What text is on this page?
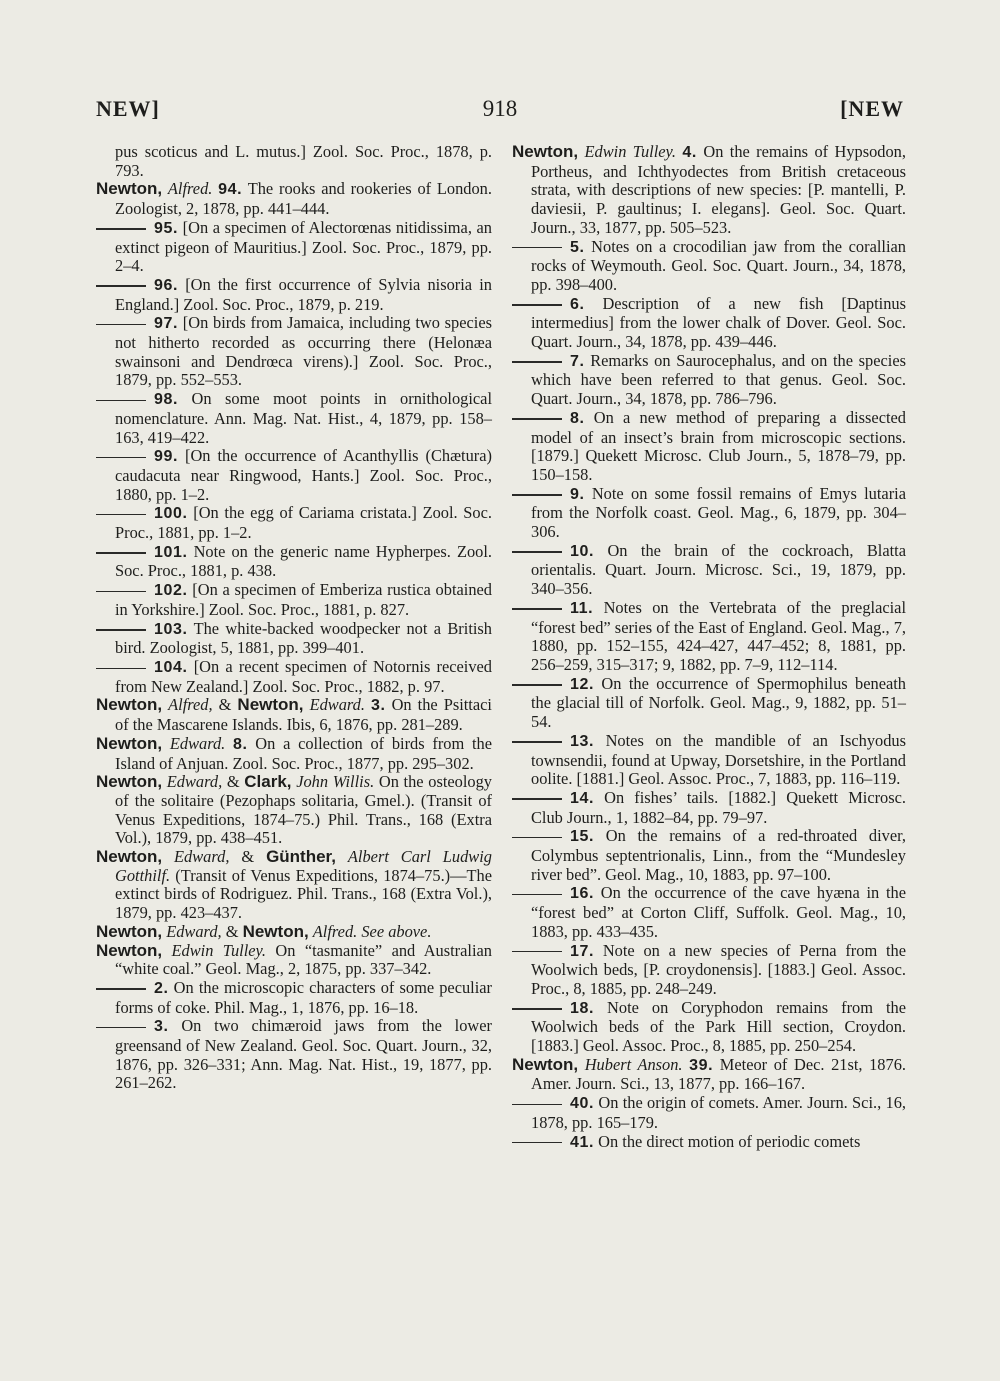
NEW]	918	[NEW

pus scoticus and L. mutus.] Zool. Soc. Proc., 1878, p. 793.

Newton, Alfred. 94. The rooks and rookeries of London. Zoologist, 2, 1878, pp. 441–444.

95. [On a specimen of Alectorœnas nitidissima, an extinct pigeon of Mauritius.] Zool. Soc. Proc., 1879, pp. 2–4.

96. [On the first occurrence of Sylvia nisoria in England.] Zool. Soc. Proc., 1879, p. 219.

97. [On birds from Jamaica, including two species not hitherto recorded as occurring there (Helonæa swainsoni and Dendrœca virens).] Zool. Soc. Proc., 1879, pp. 552–553.

98. On some moot points in ornithological nomenclature. Ann. Mag. Nat. Hist., 4, 1879, pp. 158–163, 419–422.

99. [On the occurrence of Acanthyllis (Chætura) caudacuta near Ringwood, Hants.] Zool. Soc. Proc., 1880, pp. 1–2.

100. [On the egg of Cariama cristata.] Zool. Soc. Proc., 1881, pp. 1–2.

101. Note on the generic name Hypherpes. Zool. Soc. Proc., 1881, p. 438.

102. [On a specimen of Emberiza rustica obtained in Yorkshire.] Zool. Soc. Proc., 1881, p. 827.

103. The white-backed woodpecker not a British bird. Zoologist, 5, 1881, pp. 399–401.

104. [On a recent specimen of Notornis received from New Zealand.] Zool. Soc. Proc., 1882, p. 97.

Newton, Alfred, & Newton, Edward. 3. On the Psittaci of the Mascarene Islands. Ibis, 6, 1876, pp. 281–289.

Newton, Edward. 8. On a collection of birds from the Island of Anjuan. Zool. Soc. Proc., 1877, pp. 295–302.

Newton, Edward, & Clark, John Willis. On the osteology of the solitaire (Pezophaps solitaria, Gmel.). (Transit of Venus Expeditions, 1874–75.) Phil. Trans., 168 (Extra Vol.), 1879, pp. 438–451.

Newton, Edward, & Günther, Albert Carl Ludwig Gotthilf. (Transit of Venus Expeditions, 1874–75.)—The extinct birds of Rodriguez. Phil. Trans., 168 (Extra Vol.), 1879, pp. 423–437.

Newton, Edward, & Newton, Alfred. See above.

Newton, Edwin Tulley. On “tasmanite” and Australian “white coal.” Geol. Mag., 2, 1875, pp. 337–342.

2. On the microscopic characters of some peculiar forms of coke. Phil. Mag., 1, 1876, pp. 16–18.

3. On two chimæroid jaws from the lower greensand of New Zealand. Geol. Soc. Quart. Journ., 32, 1876, pp. 326–331; Ann. Mag. Nat. Hist., 19, 1877, pp. 261–262.

Newton, Edwin Tulley. 4. On the remains of Hypsodon, Portheus, and Ichthyodectes from British cretaceous strata, with descriptions of new species: [P. mantelli, P. daviesii, P. gaultinus; I. elegans]. Geol. Soc. Quart. Journ., 33, 1877, pp. 505–523.

5. Notes on a crocodilian jaw from the corallian rocks of Weymouth. Geol. Soc. Quart. Journ., 34, 1878, pp. 398–400.

6. Description of a new fish [Daptinus intermedius] from the lower chalk of Dover. Geol. Soc. Quart. Journ., 34, 1878, pp. 439–446.

7. Remarks on Saurocephalus, and on the species which have been referred to that genus. Geol. Soc. Quart. Journ., 34, 1878, pp. 786–796.

8. On a new method of preparing a dissected model of an insect’s brain from microscopic sections. [1879.] Quekett Microsc. Club Journ., 5, 1878–79, pp. 150–158.

9. Note on some fossil remains of Emys lutaria from the Norfolk coast. Geol. Mag., 6, 1879, pp. 304–306.

10. On the brain of the cockroach, Blatta orientalis. Quart. Journ. Microsc. Sci., 19, 1879, pp. 340–356.

11. Notes on the Vertebrata of the preglacial “forest bed” series of the East of England. Geol. Mag., 7, 1880, pp. 152–155, 424–427, 447–452; 8, 1881, pp. 256–259, 315–317; 9, 1882, pp. 7–9, 112–114.

12. On the occurrence of Spermophilus beneath the glacial till of Norfolk. Geol. Mag., 9, 1882, pp. 51–54.

13. Notes on the mandible of an Ischyodus townsendii, found at Upway, Dorsetshire, in the Portland oolite. [1881.] Geol. Assoc. Proc., 7, 1883, pp. 116–119.

14. On fishes’ tails. [1882.] Quekett Microsc. Club Journ., 1, 1882–84, pp. 79–97.

15. On the remains of a red-throated diver, Colymbus septentrionalis, Linn., from the “Mundesley river bed”. Geol. Mag., 10, 1883, pp. 97–100.

16. On the occurrence of the cave hyæna in the “forest bed” at Corton Cliff, Suffolk. Geol. Mag., 10, 1883, pp. 433–435.

17. Note on a new species of Perna from the Woolwich beds, [P. croydonensis]. [1883.] Geol. Assoc. Proc., 8, 1885, pp. 248–249.

18. Note on Coryphodon remains from the Woolwich beds of the Park Hill section, Croydon. [1883.] Geol. Assoc. Proc., 8, 1885, pp. 250–254.

Newton, Hubert Anson. 39. Meteor of Dec. 21st, 1876. Amer. Journ. Sci., 13, 1877, pp. 166–167.

40. On the origin of comets. Amer. Journ. Sci., 16, 1878, pp. 165–179.

41. On the direct motion of periodic comets
